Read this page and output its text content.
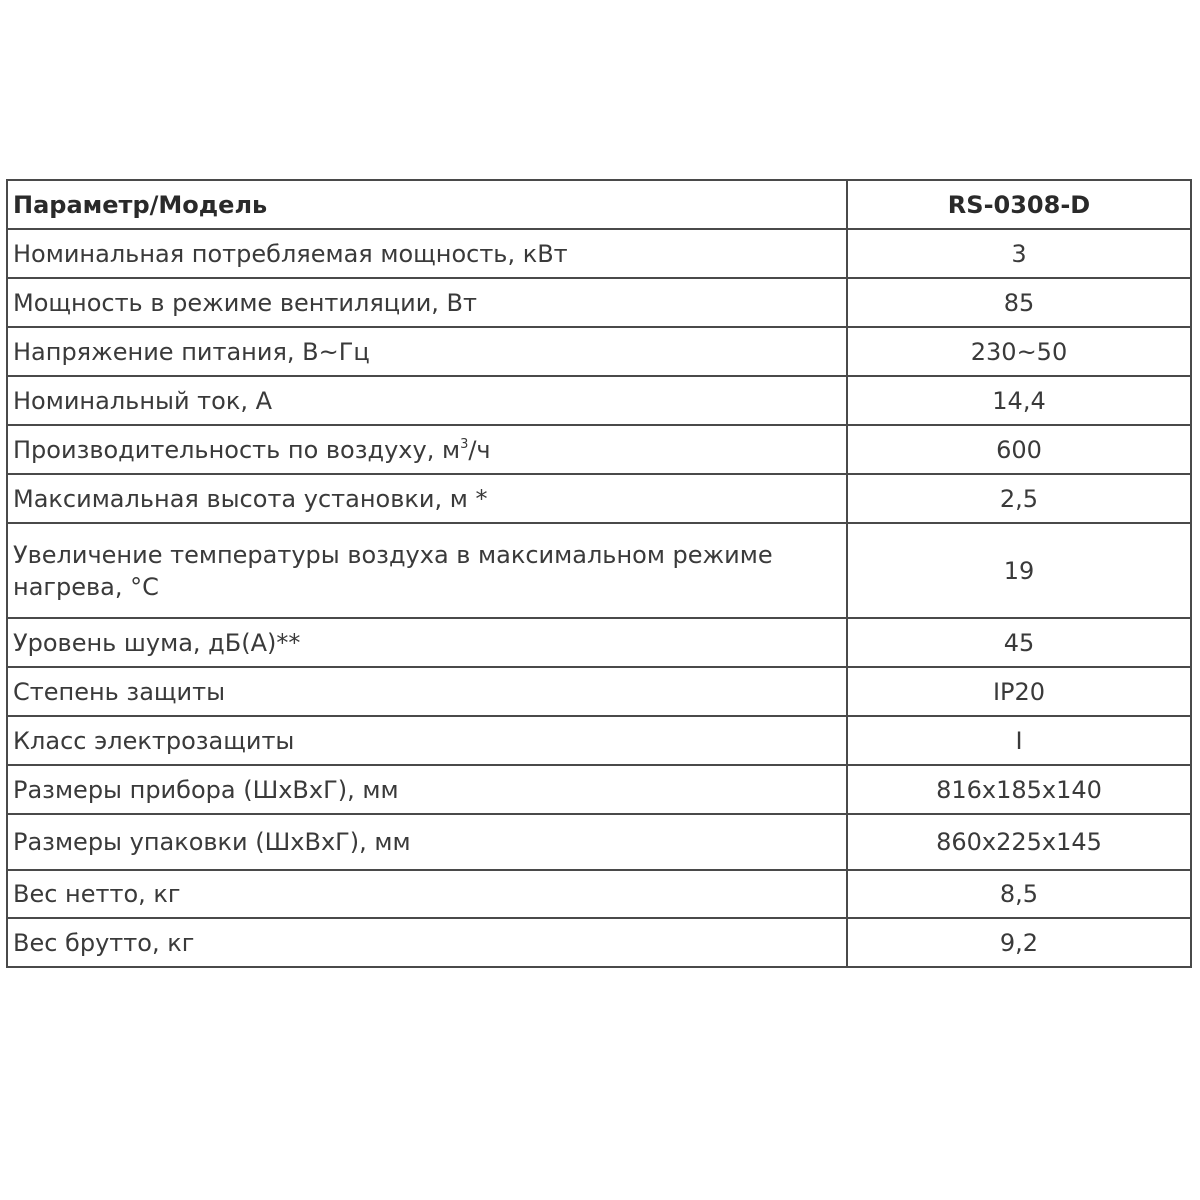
Параметр/Модель	RS-0308-D
Номинальная потребляемая мощность, кВт	3
Мощность в режиме вентиляции, Вт	85
Напряжение питания, В~Гц	230~50
Номинальный ток, А	14,4
Производительность по воздуху, $м^3/ч$	600
Максимальная высота установки, м *	2,5
Увеличение температуры воздуха в максимальном режиме нагрева, °C	19
Уровень шума, дБ(А)**	45
Степень защиты	IP20
Класс электрозащиты	I
Размеры прибора (ШхВхГ), мм	816x185x140
Размеры упаковки (ШхВхГ), мм	860x225x145
Вес нетто, кг	8,5
Вес брутто, кг	9,2
